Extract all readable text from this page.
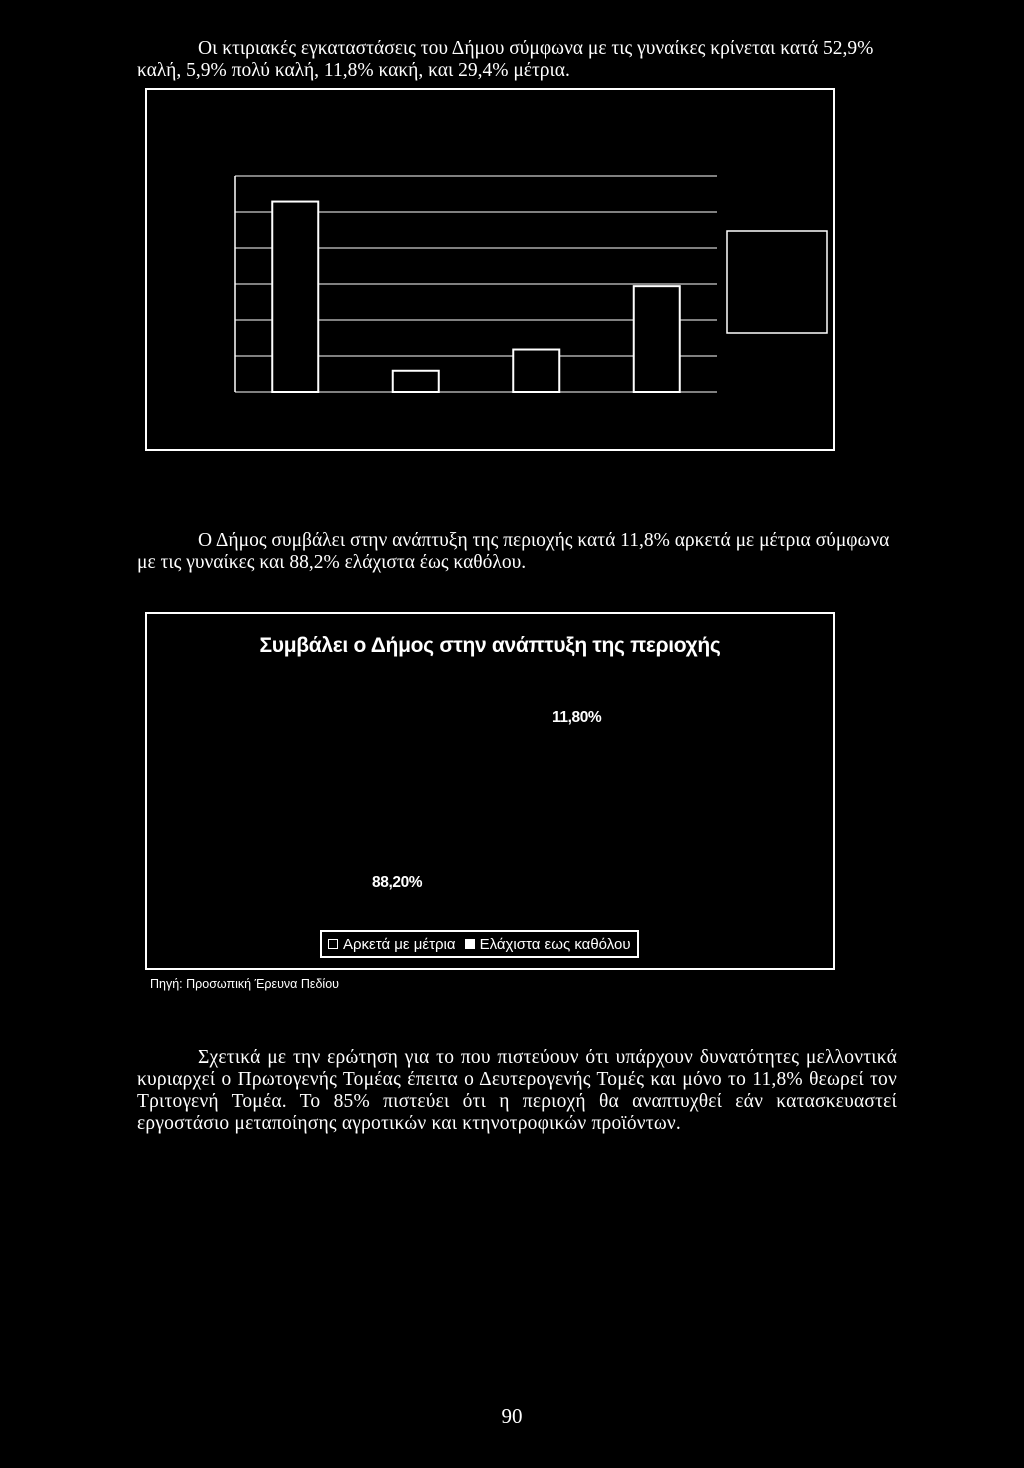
Οι κτιριακές εγκαταστάσεις του Δήμου σύμφωνα με τις γυναίκες κρίνεται κατά 52,9% καλή, 5,9% πολύ καλή, 11,8% κακή, και 29,4% μέτρια.

Ο Δήμος συμβάλει στην ανάπτυξη της περιοχής κατά 11,8% αρκετά με μέτρια σύμφωνα με τις γυναίκες και 88,2% ελάχιστα έως καθόλου.

Συμβάλει ο Δήμος στην ανάπτυξη της περιοχής
11,80%
88,20%
Αρκετά με μέτρια Ελάχιστα εως καθόλου
Πηγή: Προσωπική Έρευνα Πεδίου

Σχετικά με την ερώτηση για το που πιστεύουν ότι υπάρχουν δυνατότητες μελλοντικά κυριαρχεί ο Πρωτογενής Τομέας έπειτα ο Δευτερογενής Τομές και μόνο το 11,8% θεωρεί τον Τριτογενή Τομέα. Το 85% πιστεύει ότι η περιοχή θα αναπτυχθεί εάν κατασκευαστεί εργοστάσιο μεταποίησης αγροτικών και κτηνοτροφικών προϊόντων.

90
